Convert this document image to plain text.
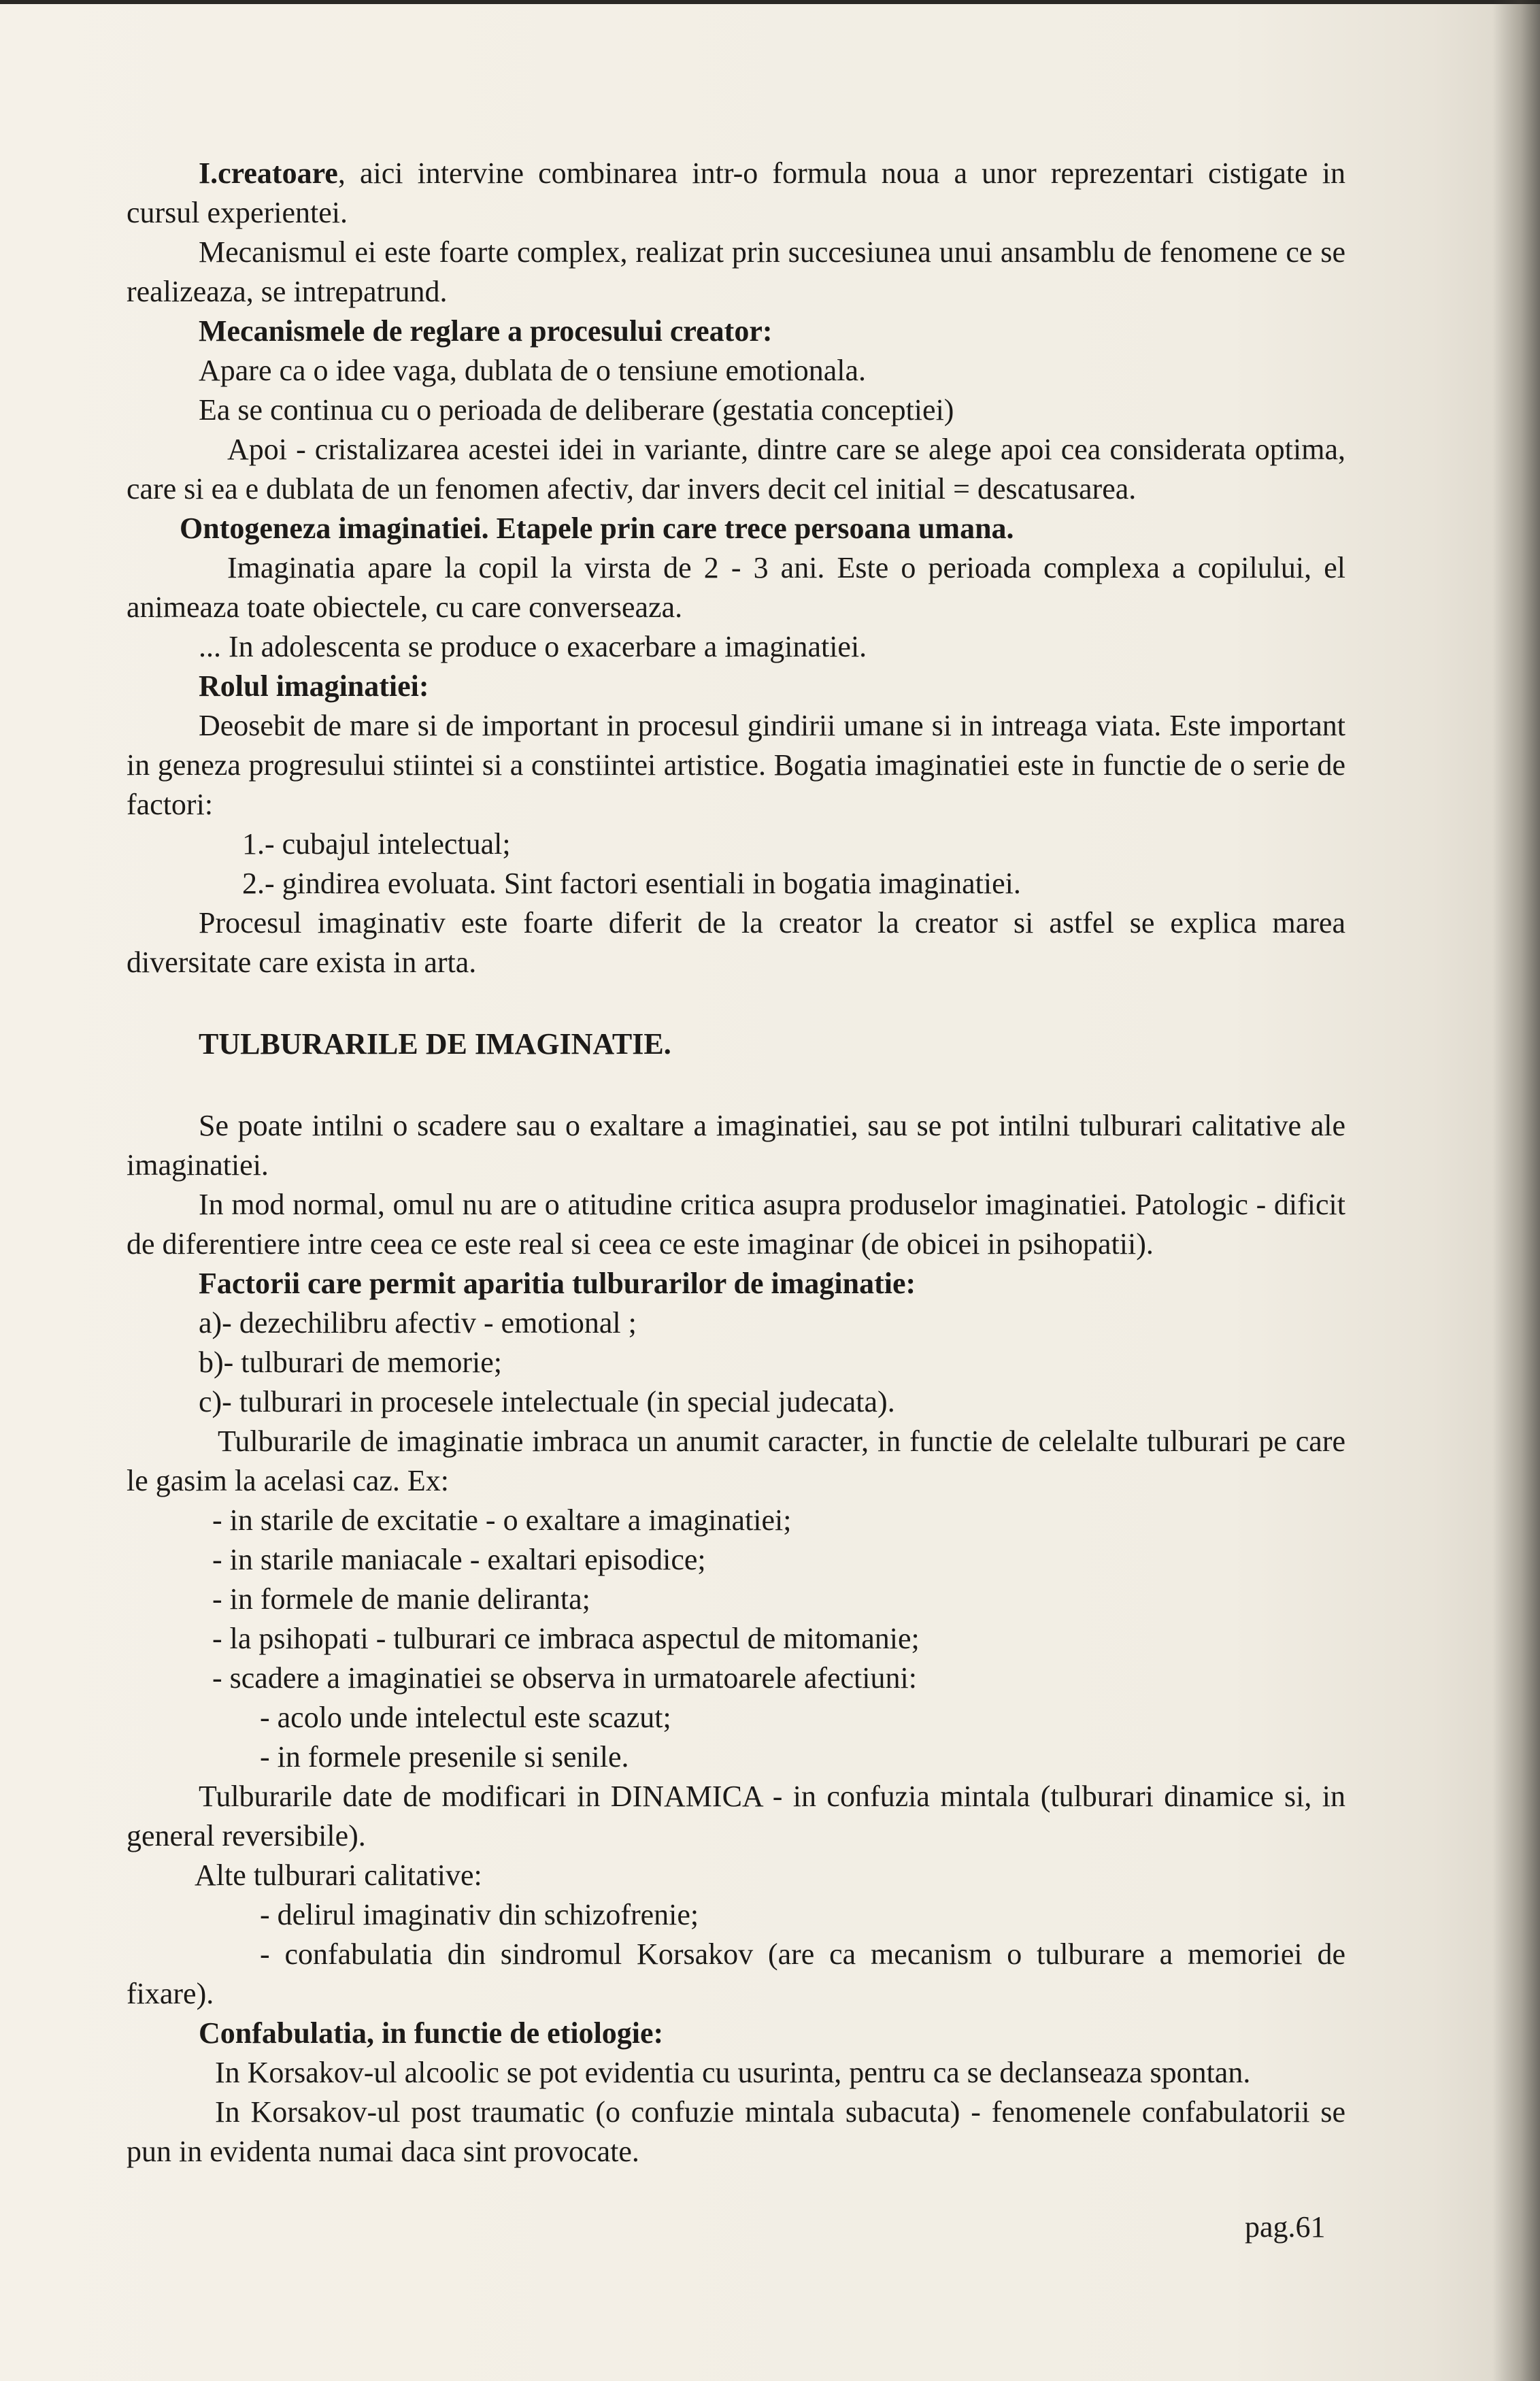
I.creatoare, aici intervine combinarea intr-o formula noua a unor reprezentari cistigate in cursul experientei.

Mecanismul ei este foarte complex, realizat prin succesiunea unui ansamblu de fenomene ce se realizeaza, se intrepatrund.

Mecanismele de reglare a procesului creator:

Apare ca o idee vaga, dublata de o tensiune emotionala.

Ea se continua cu o perioada de deliberare (gestatia conceptiei)

Apoi - cristalizarea acestei idei in variante, dintre care se alege apoi cea considerata optima, care si ea e dublata de un fenomen afectiv, dar invers decit cel initial = descatusarea.

Ontogeneza imaginatiei. Etapele prin care trece persoana umana.

Imaginatia apare la copil la virsta de 2 - 3 ani. Este o perioada complexa a copilului, el animeaza toate obiectele, cu care converseaza.

... In adolescenta se produce o exacerbare a imaginatiei.

Rolul imaginatiei:

Deosebit de mare si de important in procesul gindirii umane si in intreaga viata. Este important in geneza progresului stiintei si a constiintei artistice. Bogatia imaginatiei este in functie de o serie de factori:

1.- cubajul intelectual;

2.- gindirea evoluata. Sint factori esentiali in bogatia imaginatiei.

Procesul imaginativ este foarte diferit de la creator la creator si astfel se explica marea diversitate care exista in arta.

TULBURARILE DE IMAGINATIE.

Se poate intilni o scadere sau o exaltare a imaginatiei, sau se pot intilni tulburari calitative ale imaginatiei.

In mod normal, omul nu are o atitudine critica asupra produselor imaginatiei. Patologic - dificit de diferentiere intre ceea ce este real si ceea ce este imaginar (de obicei in psihopatii).

Factorii care permit aparitia tulburarilor de imaginatie:

a)- dezechilibru afectiv - emotional ;

b)- tulburari de memorie;

c)- tulburari in procesele intelectuale (in special judecata).

Tulburarile de imaginatie imbraca un anumit caracter, in functie de celelalte tulburari pe care le gasim la acelasi caz. Ex:

- in starile de excitatie - o exaltare a imaginatiei;

- in starile maniacale - exaltari episodice;

- in formele de manie deliranta;

- la psihopati - tulburari ce imbraca aspectul de mitomanie;

- scadere a imaginatiei se observa in urmatoarele afectiuni:

- acolo unde intelectul este scazut;

- in formele presenile si senile.

Tulburarile date de modificari in DINAMICA - in confuzia mintala (tulburari dinamice si, in general reversibile).

Alte tulburari calitative:

- delirul imaginativ din schizofrenie;

- confabulatia din sindromul Korsakov (are ca mecanism o tulburare a memoriei de fixare).

Confabulatia, in functie de etiologie:

In Korsakov-ul alcoolic se pot evidentia cu usurinta, pentru ca se declanseaza spontan.

In Korsakov-ul post traumatic (o confuzie mintala subacuta) - fenomenele confabulatorii se pun in evidenta numai daca sint provocate.

pag.61
